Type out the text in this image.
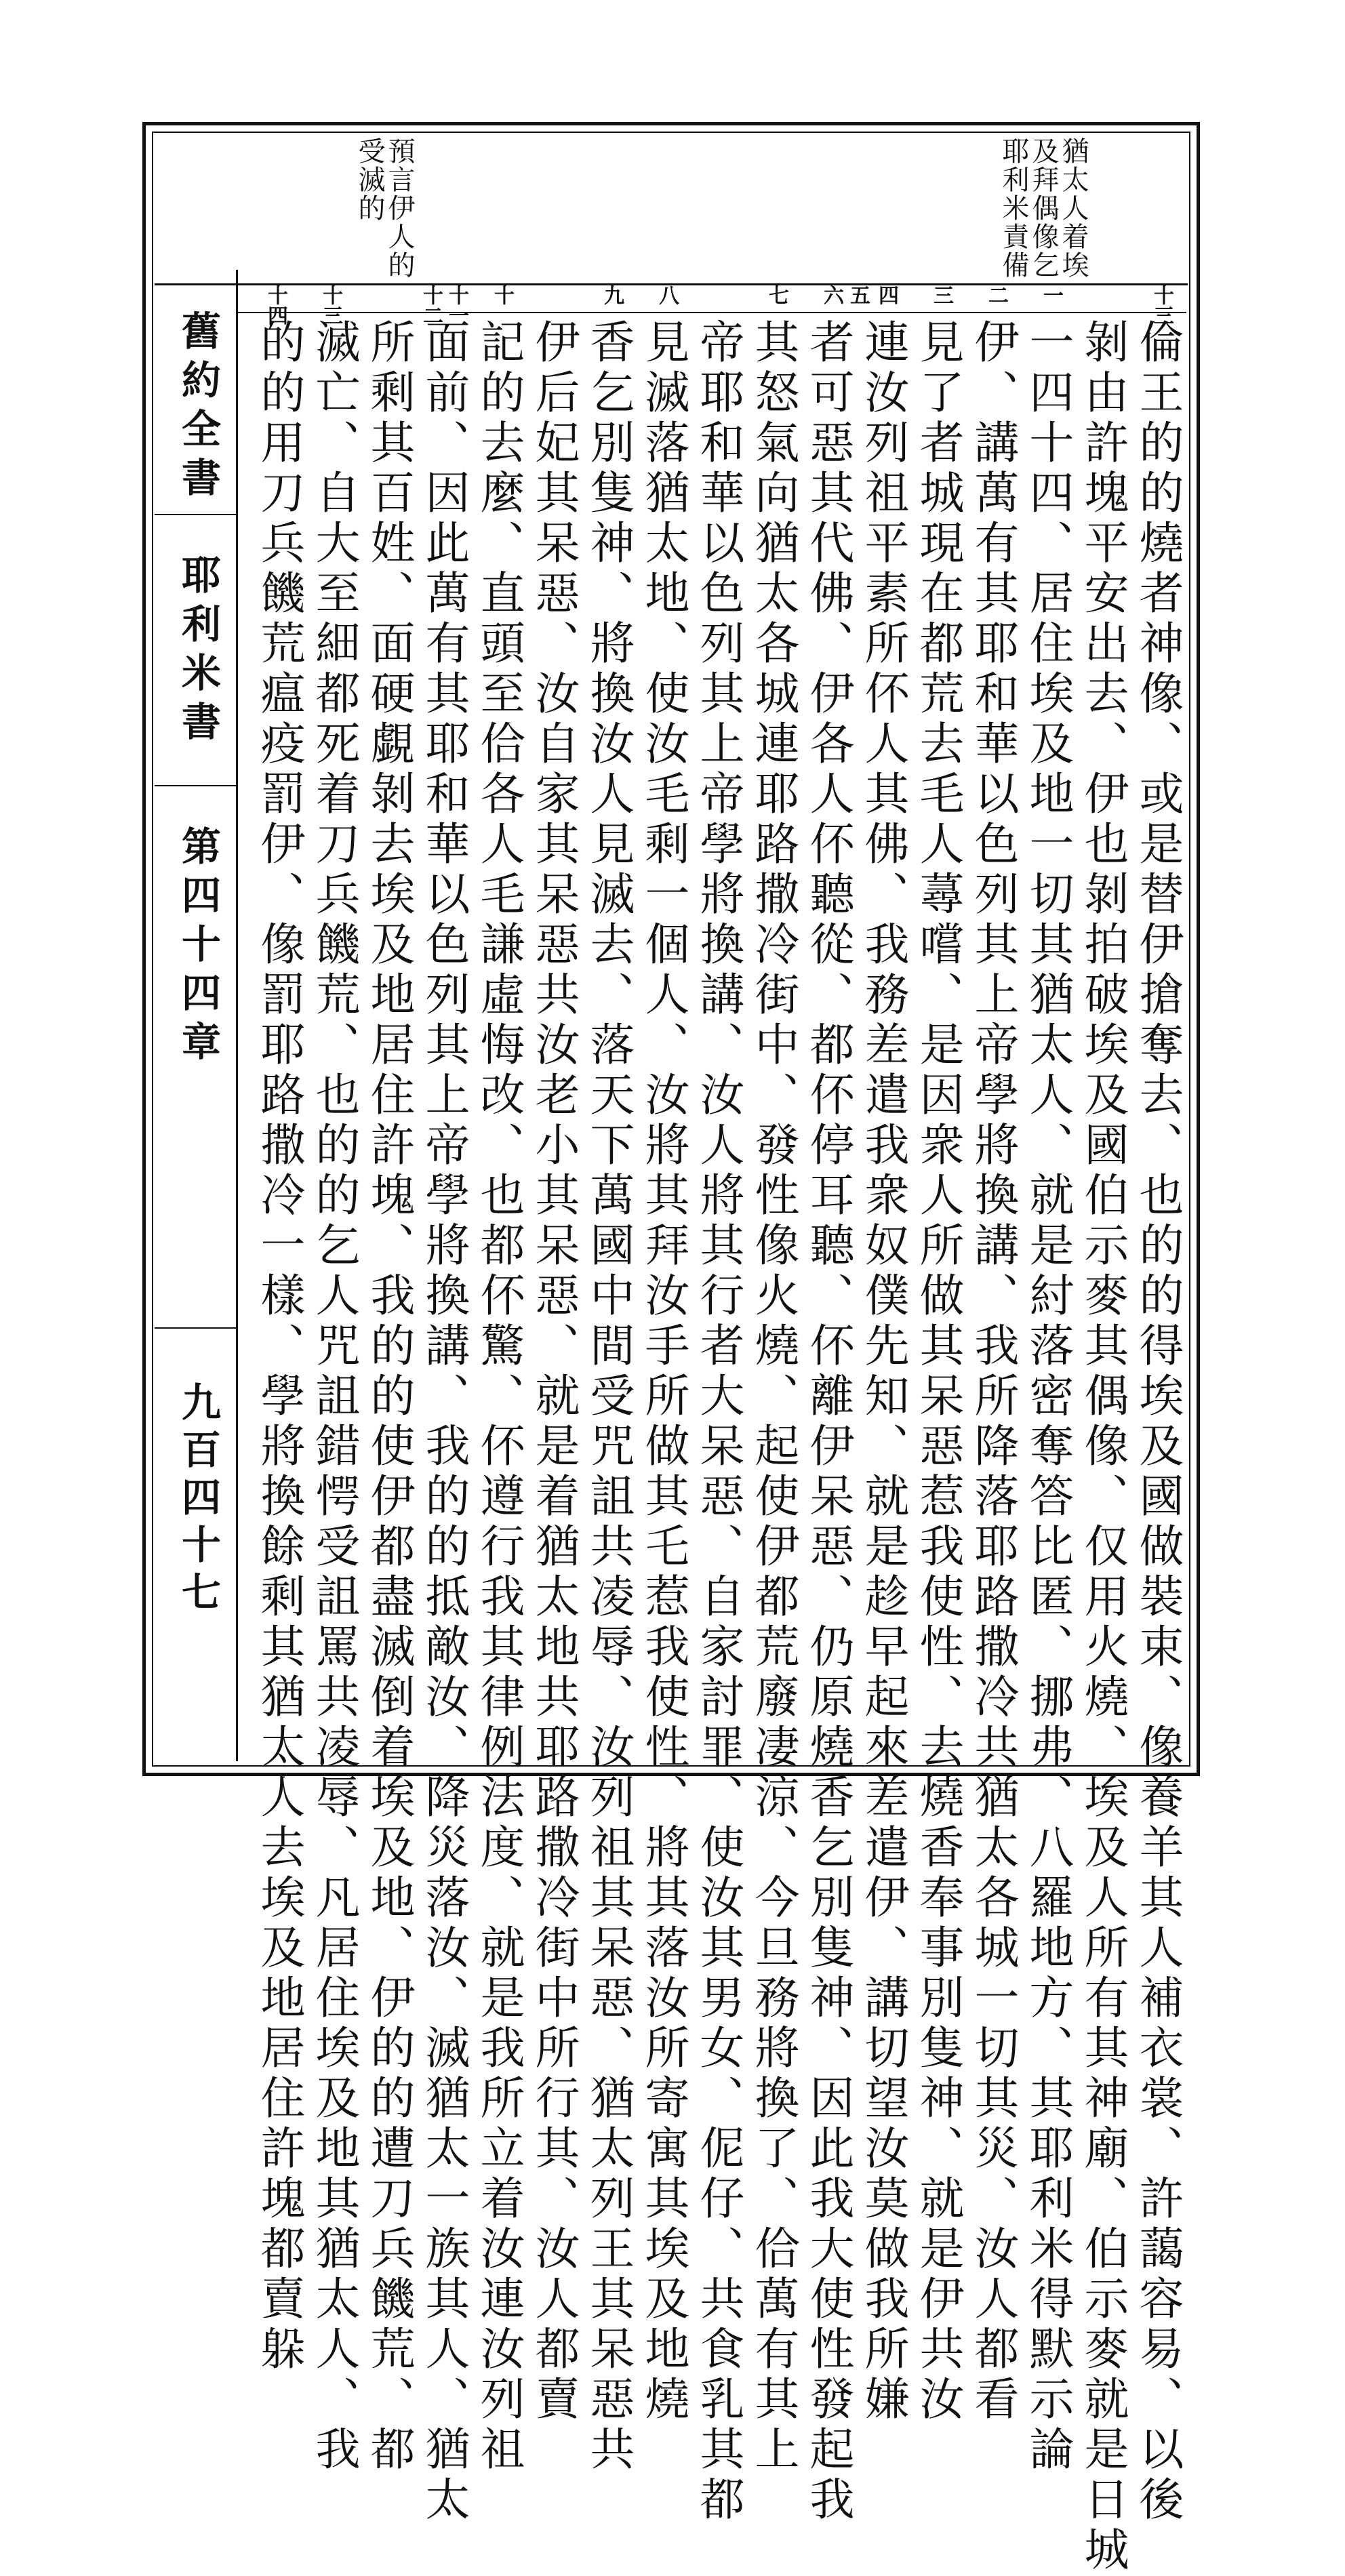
猶太人着埃及拜偶像乞耶利米責備
預言伊人的受滅的
舊約全書
耶利米書
第四十四章
九百四十七
十三
一
二
三
四
五
六
七
八
九
十
十一
十二
十三
十四
倫王的的燒者神像、或是替伊搶奪去、也的的得埃及國做裝束、像養羊其人補衣裳、許藹容易、以後
剝由許塊平安出去、伊也剝拍破埃及國伯示麥其偶像、仅用火燒、埃及人所有其神廟、伯示麥就是日城
一四十四、居住埃及地一切其猶太人、就是紂落密奪答比匿、挪弗、八羅地方、其耶利米得默示論
伊、講萬有其耶和華以色列其上帝學將換講、我所降落耶路撒冷共猶太各城一切其災、汝人都看
見了者城現在都荒去毛人蕁嚐、是因衆人所做其呆惡惹我使性、去燒香奉事別隻神、就是伊共汝
連汝列祖平素所伓人其佛、我務差遣我衆奴僕先知、就是趁早起來差遣伊、講切望汝莫做我所嫌
者可惡其代佛、伊各人伓聽從、都伓停耳聽、伓離伊呆惡、仍原燒香乞別隻神、因此我大使性發起我
其怒氣向猶太各城連耶路撒冷街中、發性像火燒、起使伊都荒廢凄涼、今旦務將換了、佮萬有其上
帝耶和華以色列其上帝學將換講、汝人將其行者大呆惡、自家討罪、使汝其男女、伲仔、共食乳其都
見滅落猶太地、使汝毛剩一個人、汝將其拜汝手所做其乇惹我使性、將其落汝所寄寓其埃及地燒
香乞別隻神、將換汝人見滅去、落天下萬國中間受咒詛共凌辱、汝列祖其呆惡、猶太列王其呆惡共
伊后妃其呆惡、汝自家其呆惡共汝老小其呆惡、就是着猶太地共耶路撒冷街中所行其、汝人都賣
記的去麼、直頭至佮各人毛謙虛悔改、也都伓驚、伓遵行我其律例法度、就是我所立着汝連汝列祖
面前、因此萬有其耶和華以色列其上帝學將換講、我的的抵敵汝、降災落汝、滅猶太一族其人、猶太
所剩其百姓、面硬覷剝去埃及地居住許塊、我的的使伊都盡滅倒着埃及地、伊的的遭刀兵饑荒、都
滅亡、自大至細都死着刀兵饑荒、也的的乞人咒詛錯愕受詛罵共凌辱、凡居住埃及地其猶太人、我
的的用刀兵饑荒瘟疫罰伊、像罰耶路撒冷一樣、學將換餘剩其猶太人去埃及地居住許塊都賣躲
